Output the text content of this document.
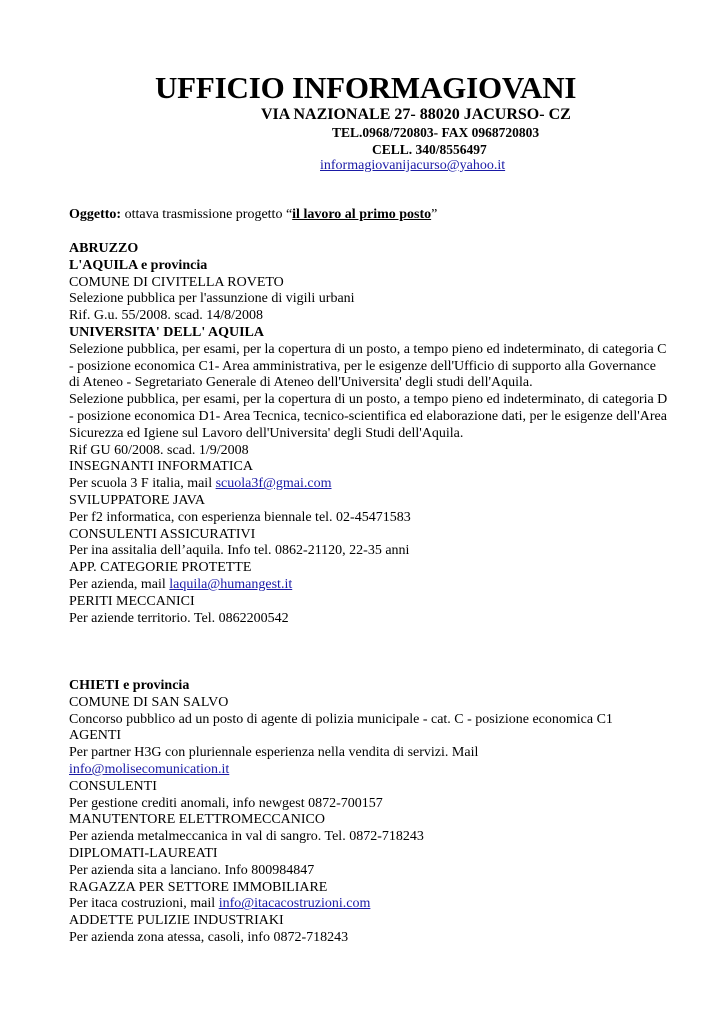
UFFICIO INFORMAGIOVANI
VIA NAZIONALE 27- 88020 JACURSO- CZ
TEL.0968/720803- FAX 0968720803
CELL. 340/8556497
informagiovanijacurso@yahoo.it
Oggetto: ottava trasmissione progetto “il lavoro al primo posto”
ABRUZZO
L'AQUILA e provincia
COMUNE DI CIVITELLA ROVETO
Selezione pubblica per l'assunzione di vigili urbani
Rif. G.u. 55/2008. scad. 14/8/2008
UNIVERSITA' DELL' AQUILA
Selezione pubblica, per esami, per la copertura di un posto, a tempo pieno ed indeterminato, di categoria C - posizione economica C1- Area amministrativa, per le esigenze dell'Ufficio di supporto alla Governance di Ateneo - Segretariato Generale di Ateneo dell'Universita' degli studi dell'Aquila.
Selezione pubblica, per esami, per la copertura di un posto, a tempo pieno ed indeterminato, di categoria D - posizione economica D1- Area Tecnica, tecnico-scientifica ed elaborazione dati, per le esigenze dell'Area Sicurezza ed Igiene sul Lavoro dell'Universita' degli Studi dell'Aquila.
Rif GU 60/2008. scad. 1/9/2008
INSEGNANTI INFORMATICA
Per scuola 3 F italia, mail scuola3f@gmai.com
SVILUPPATORE JAVA
Per f2 informatica, con esperienza biennale tel. 02-45471583
CONSULENTI ASSICURATIVI
Per ina assitalia dell’aquila. Info tel. 0862-21120, 22-35 anni
APP. CATEGORIE PROTETTE
Per azienda, mail laquila@humangest.it
PERITI MECCANICI
Per aziende territorio. Tel. 0862200542
CHIETI e provincia
COMUNE DI SAN SALVO
Concorso pubblico ad un posto di agente di polizia municipale - cat. C - posizione economica C1
AGENTI
Per partner H3G con pluriennale esperienza nella vendita di servizi. Mail
info@molisecomunication.it
CONSULENTI
Per gestione crediti anomali, info newgest 0872-700157
MANUTENTORE ELETTROMECCANICO
Per azienda metalmeccanica in val di sangro. Tel. 0872-718243
DIPLOMATI-LAUREATI
Per azienda sita a lanciano. Info 800984847
RAGAZZA PER SETTORE IMMOBILIARE
Per itaca costruzioni, mail info@itacacostruzioni.com
ADDETTE PULIZIE INDUSTRIAKI
Per azienda zona atessa, casoli, info 0872-718243
